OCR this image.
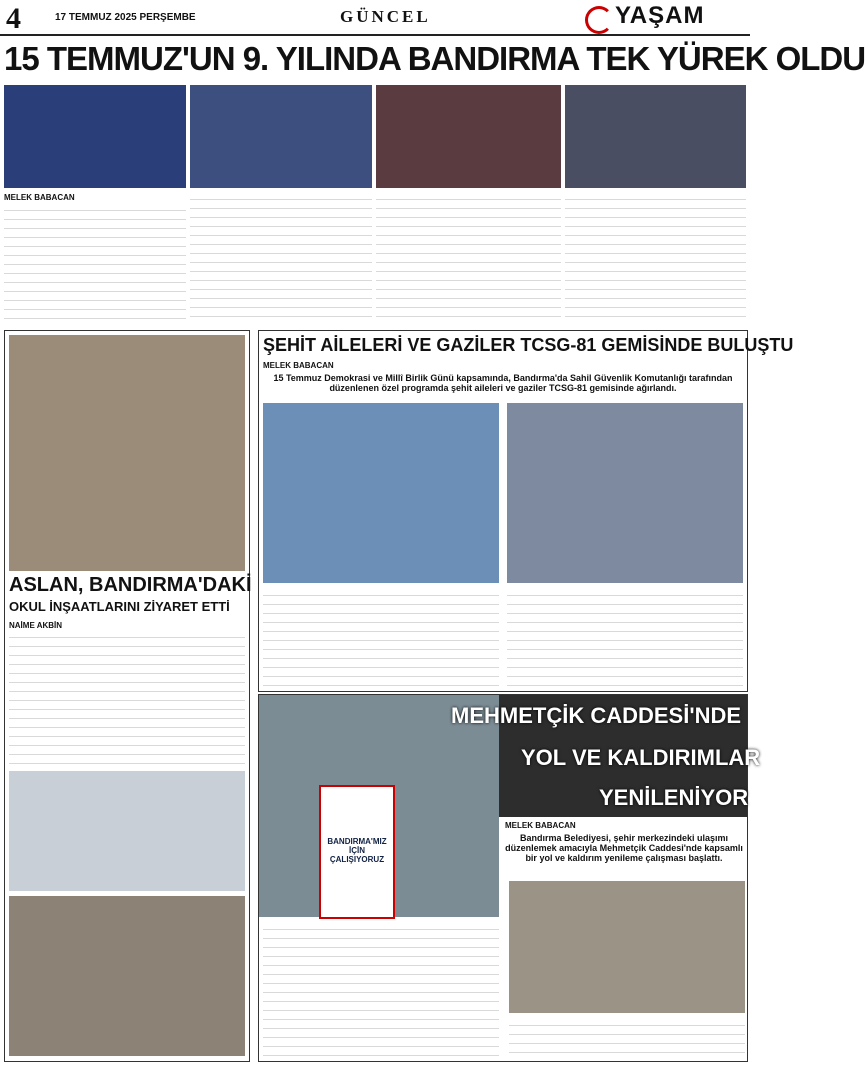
4	17 TEMMUZ 2025 PERŞEMBE	GÜNCEL	YAŞAM
15 TEMMUZ'UN 9. YILINDA BANDIRMA TEK YÜREK OLDU
MELEK BABACAN
ASLAN, BANDIRMA'DAKİ
OKUL İNŞAATLARINI ZİYARET ETTİ
NAİME AKBİN
ŞEHİT AİLELERİ VE GAZİLER TCSG-81 GEMİSİNDE BULUŞTU
MELEK BABACAN
15 Temmuz Demokrasi ve Millî Birlik Günü kapsamında, Bandırma'da Sahil Güvenlik Komutanlığı tarafından düzenlenen özel programda şehit aileleri ve gaziler TCSG-81 gemisinde ağırlandı.
BANDIRMA'MIZ İÇİN ÇALIŞIYORUZ
MEHMETÇİK CADDESİ'NDE
YOL VE KALDIRIMLAR
YENİLENİYOR
MELEK BABACAN
Bandırma Belediyesi, şehir merkezindeki ulaşımı düzenlemek amacıyla Mehmetçik Caddesi'nde kapsamlı bir yol ve kaldırım yenileme çalışması başlattı.
